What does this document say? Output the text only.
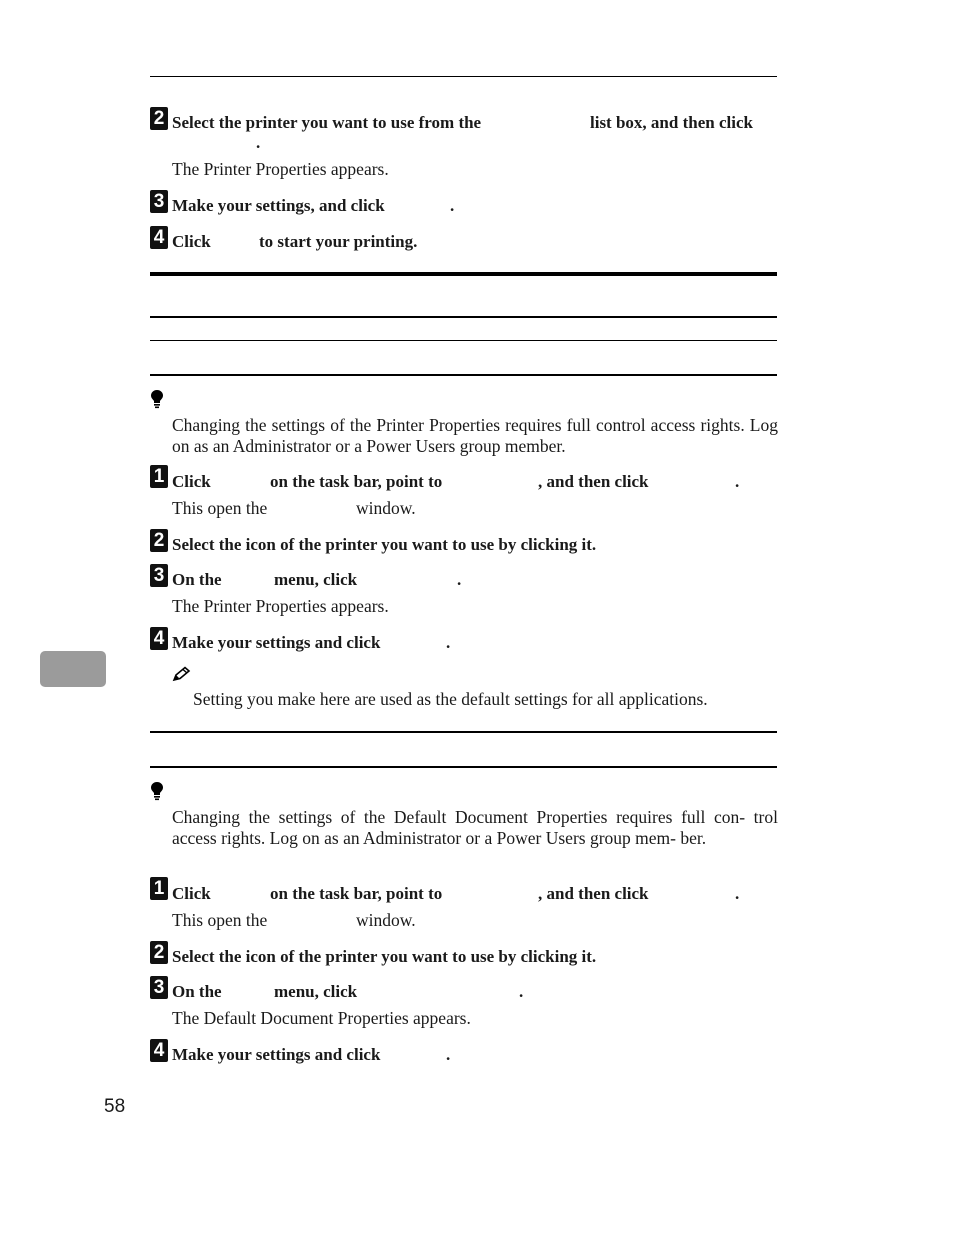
2 Select the printer you want to use from the	list box, and then click
.
The Printer Properties appears.
3 Make your settings, and click	.
4 Click	to start your printing.
Changing the settings of the Printer Properties requires full control access rights. Log on as an Administrator or a Power Users group member.
1 Click	on the task bar, point to	, and then click	.
This open the	window.
2 Select the icon of the printer you want to use by clicking it.
3 On the	menu, click	.
The Printer Properties appears.
4 Make your settings and click	.
Setting you make here are used as the default settings for all applications.
Changing the settings of the Default Document Properties requires full con- trol access rights. Log on as an Administrator or a Power Users group mem- ber.
1 Click	on the task bar, point to	, and then click	.
This open the	window.
2 Select the icon of the printer you want to use by clicking it.
3 On the	menu, click	.
The Default Document Properties appears.
4 Make your settings and click	.
58
